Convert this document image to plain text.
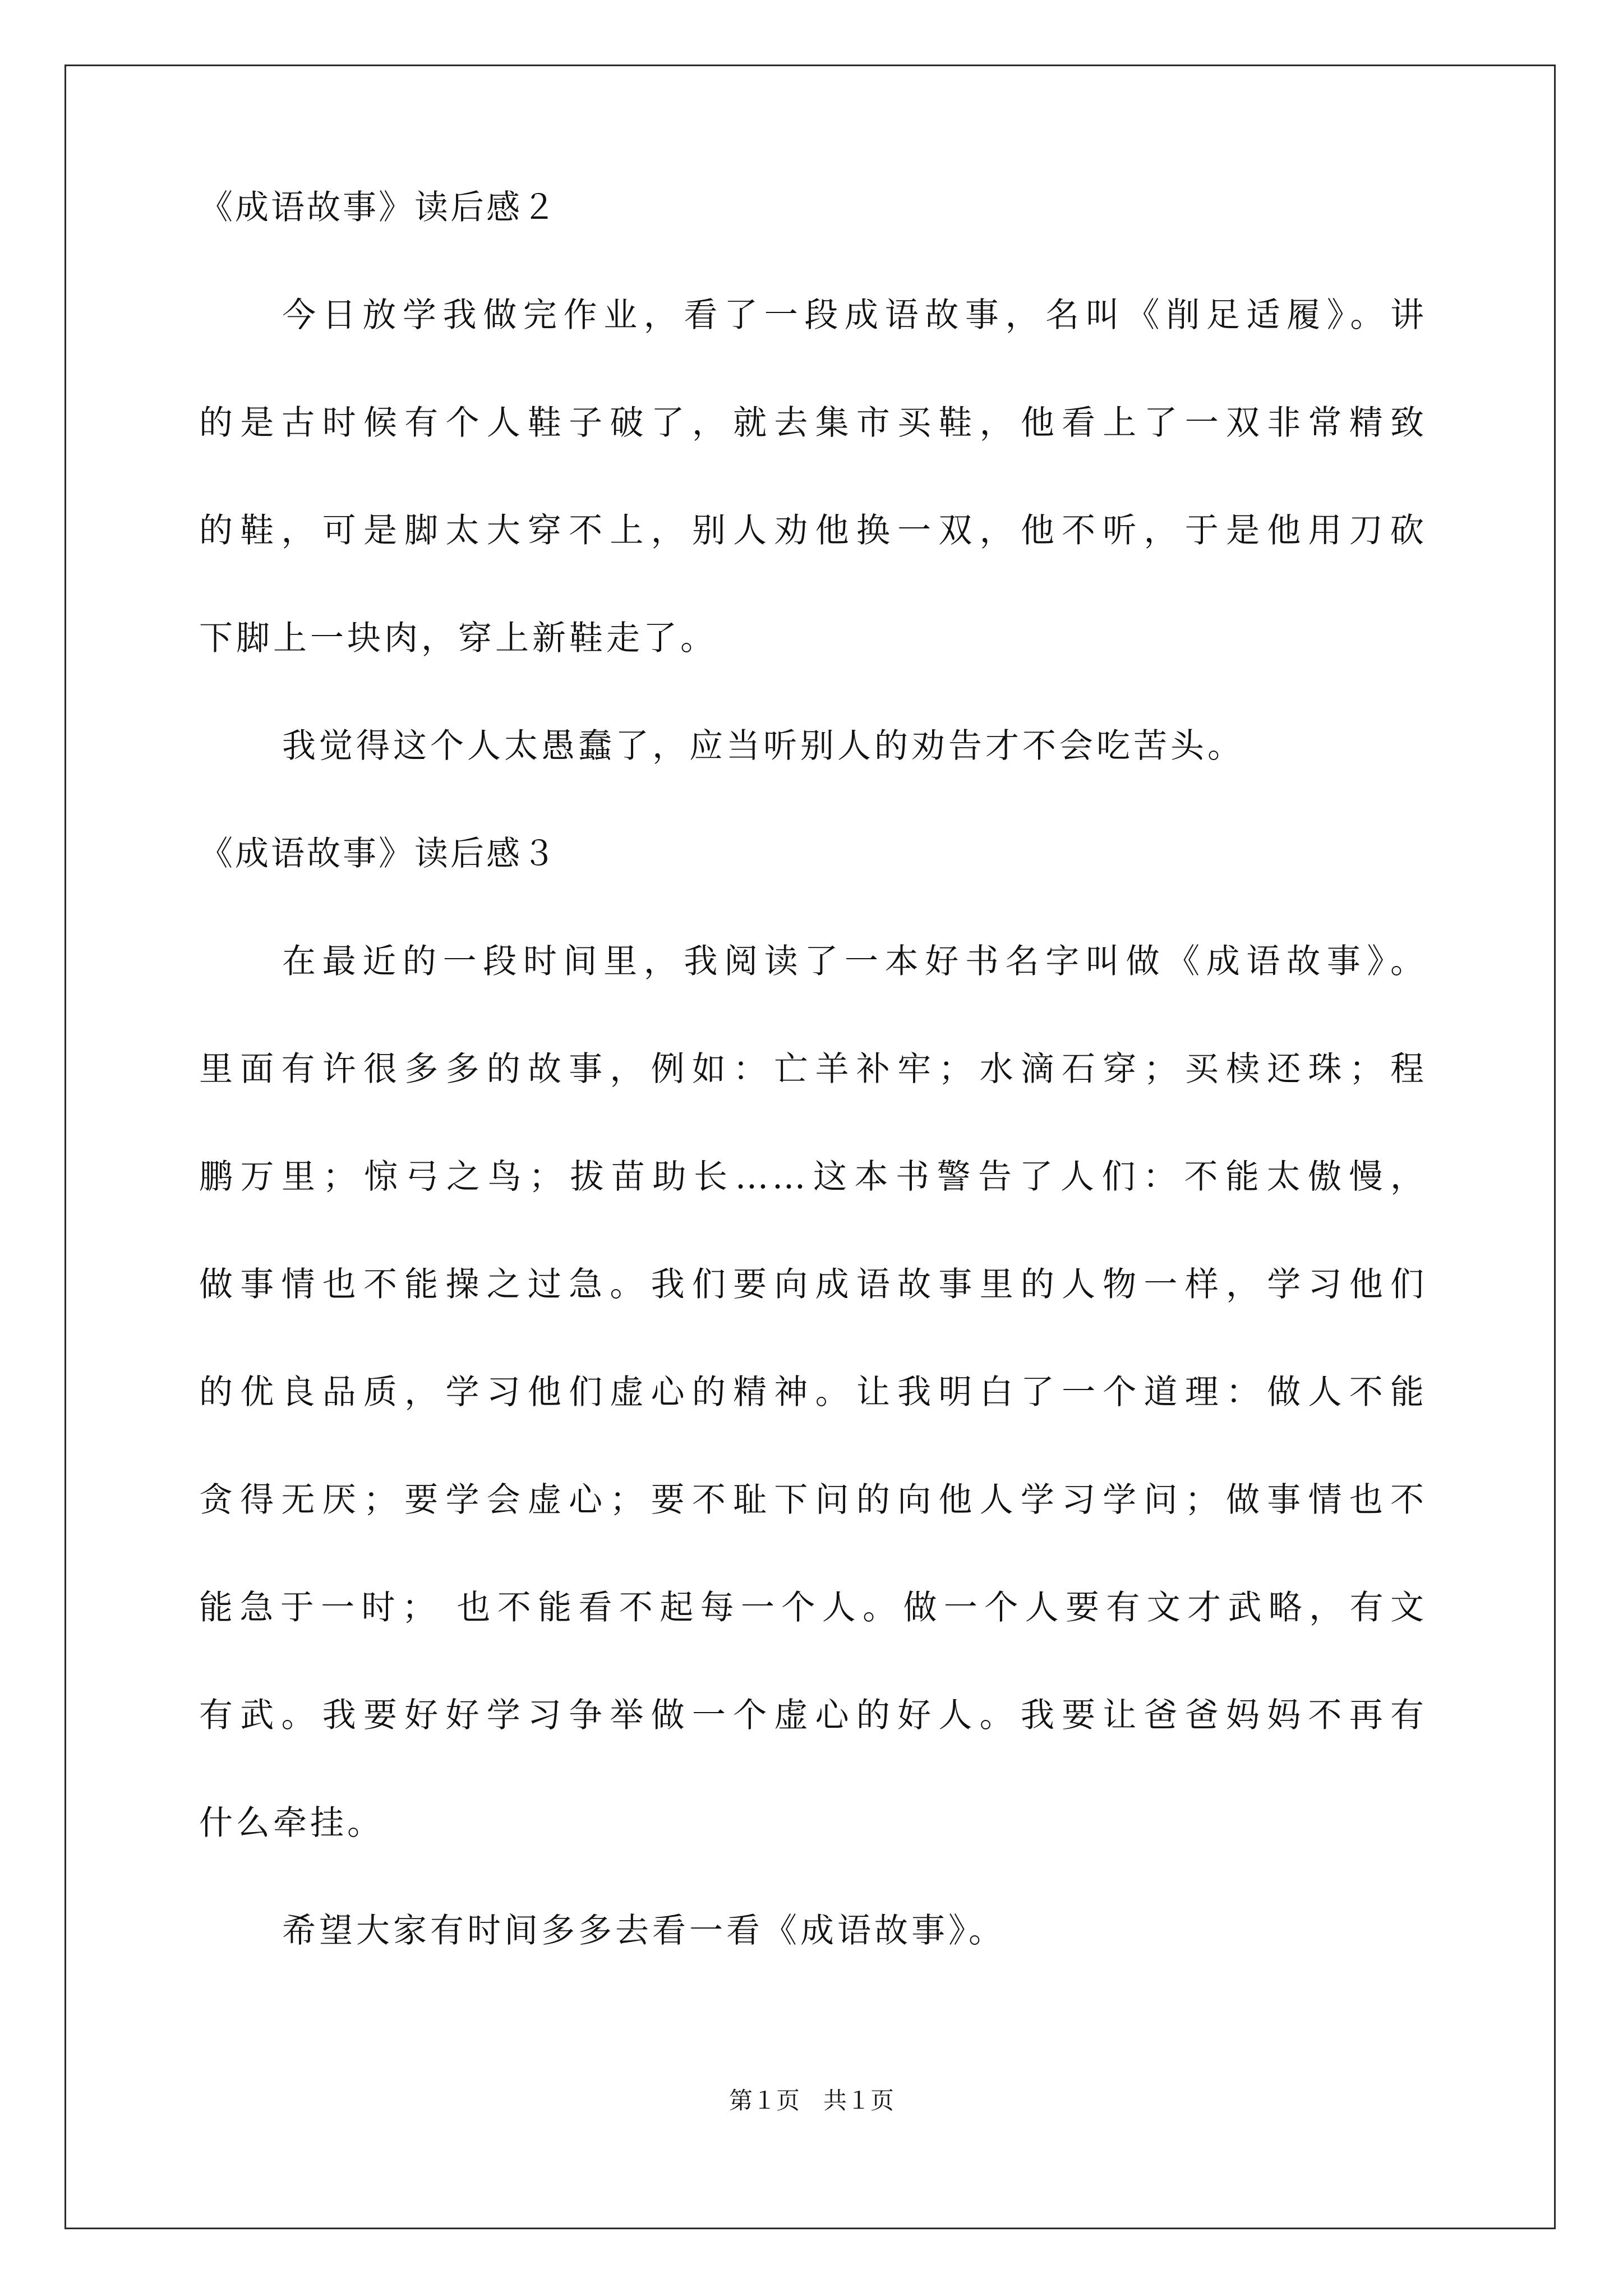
《成语故事》读后感２

今日放学我做完作业，看了一段成语故事，名叫《削足适履》。讲
的是古时候有个人鞋子破了，就去集市买鞋，他看上了一双非常精致
的鞋，可是脚太大穿不上，别人劝他换一双，他不听，于是他用刀砍
下脚上一块肉，穿上新鞋走了。

我觉得这个人太愚蠢了，应当听别人的劝告才不会吃苦头。

《成语故事》读后感３

在最近的一段时间里，我阅读了一本好书名字叫做《成语故事》。
里面有许很多多的故事，例如：亡羊补牢；水滴石穿；买椟还珠；程
鹏万里；惊弓之鸟；拔苗助长……这本书警告了人们：不能太傲慢，
做事情也不能操之过急。我们要向成语故事里的人物一样，学习他们
的优良品质，学习他们虚心的精神。让我明白了一个道理：做人不能
贪得无厌；要学会虚心；要不耻下问的向他人学习学问；做事情也不
能急于一时； 也不能看不起每一个人。做一个人要有文才武略，有文
有武。我要好好学习争举做一个虚心的好人。我要让爸爸妈妈不再有
什么牵挂。

希望大家有时间多多去看一看《成语故事》。

第１页　共１页
